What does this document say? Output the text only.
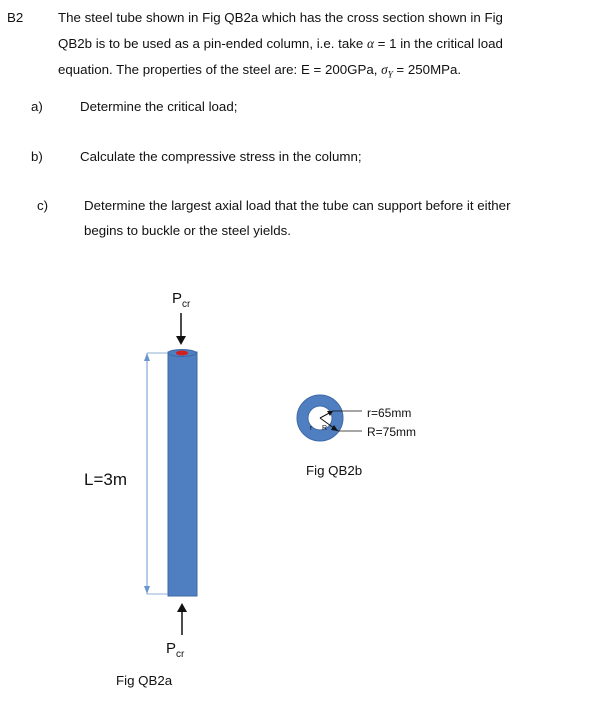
B2	The steel tube shown in Fig QB2a which has the cross section shown in Fig
QB2b is to be used as a pin-ended column, i.e. take α = 1 in the critical load
equation. The properties of the steel are: E = 200GPa, $\sigma_Y = 250MPa$.
a)	Determine the critical load;
b)	Calculate the compressive stress in the column;
c)	Determine the largest axial load that the tube can support before it either
begins to buckle or the steel yields.
$P_{cr}$
$P_{cr}$
L=3m
Fig QB2a
r R
r=65mm
R=75mm
Fig QB2b
